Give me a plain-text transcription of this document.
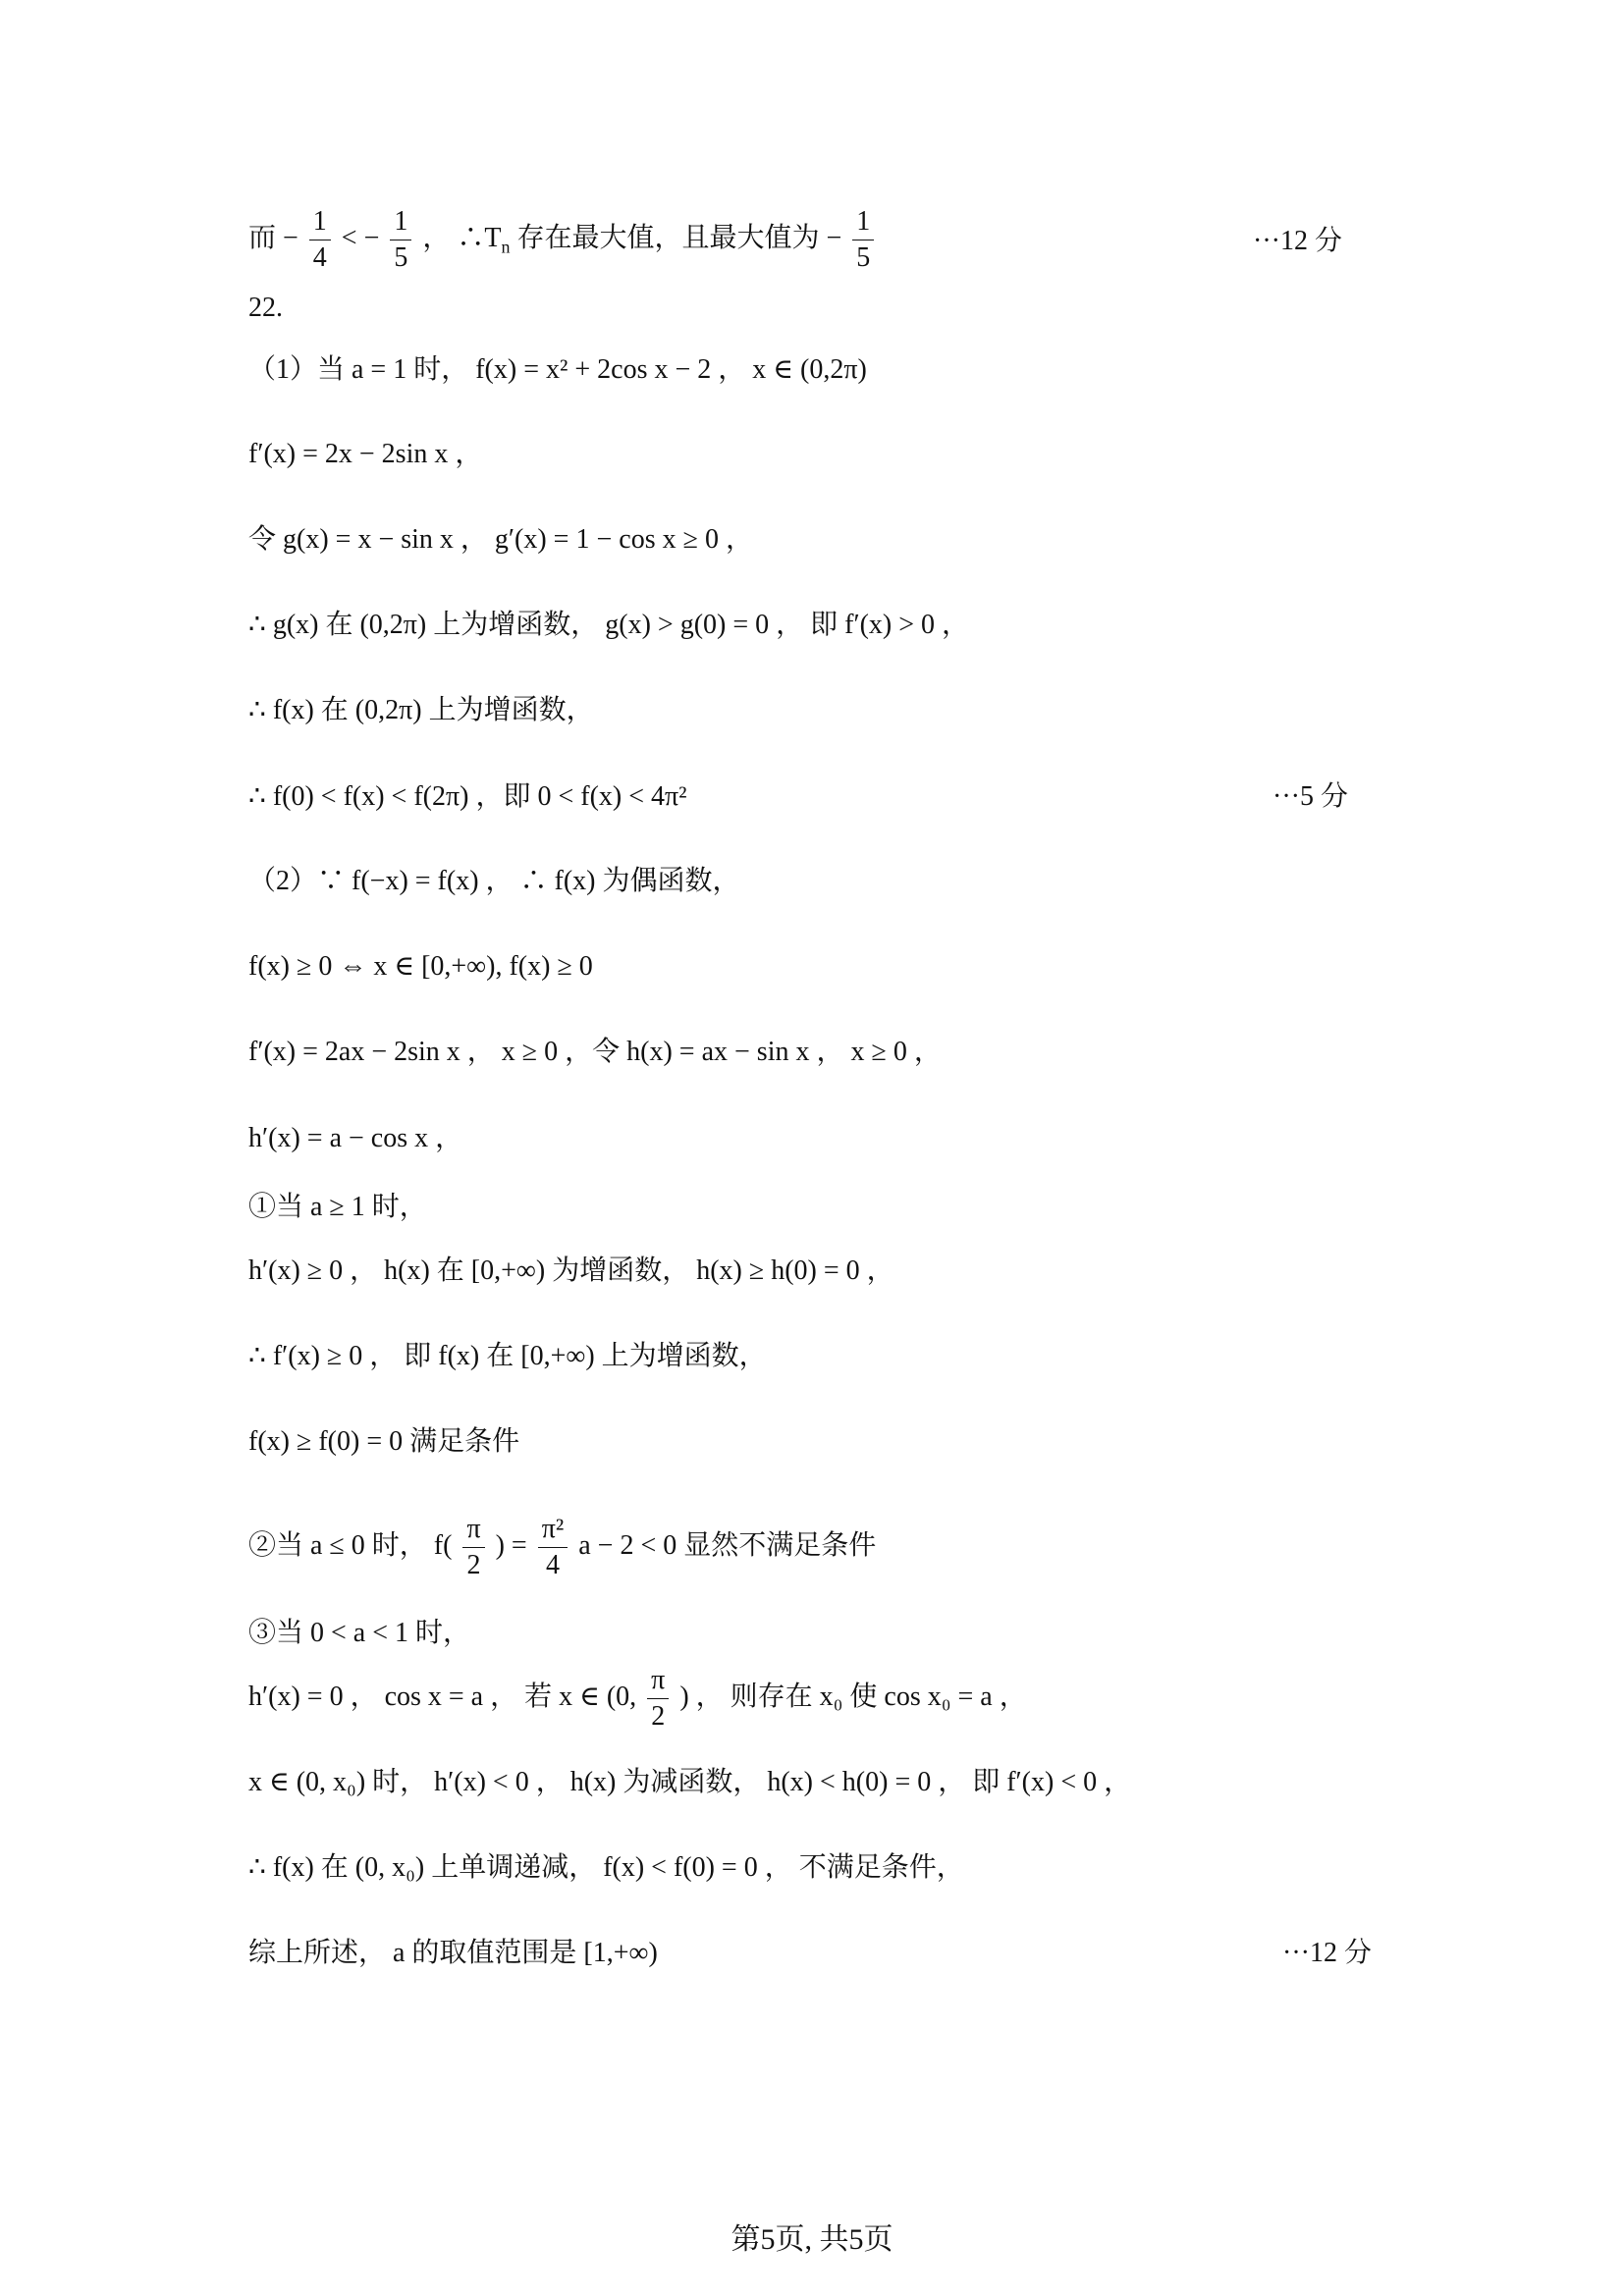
而 − $\frac{1}{4}$ < − $\frac{1}{5}$ ， $\therefore T_n$ 存在最大值，且最大值为 − $\frac{1}{5}$	···12 分
22.
（1）当 a = 1 时， f(x) = x² + 2cos x − 2 ， x ∈ (0,2π)
f′(x) = 2x − 2sin x ，
令 g(x) = x − sin x ， g′(x) = 1 − cos x ≥ 0 ，
∴ g(x) 在 (0,2π) 上为增函数， g(x) > g(0) = 0 ， 即 f′(x) > 0 ，
∴ f(x) 在 (0,2π) 上为增函数，
∴ f(0) < f(x) < f(2π) ，即 0 < f(x) < 4π²	···5 分
（2）∵ f(−x) = f(x) ， ∴ f(x) 为偶函数，
f(x) ≥ 0 ⇔ x ∈ [0,+∞), f(x) ≥ 0
f′(x) = 2ax − 2sin x ， x ≥ 0 ，令 h(x) = ax − sin x ， x ≥ 0 ，
h′(x) = a − cos x ，
①当 a ≥ 1 时，
h′(x) ≥ 0 ， h(x) 在 [0,+∞) 为增函数， h(x) ≥ h(0) = 0 ，
∴ f′(x) ≥ 0 ， 即 f(x) 在 [0,+∞) 上为增函数，
f(x) ≥ f(0) = 0 满足条件
②当 a ≤ 0 时， $f( \frac{\pi}{2}$ ) = $\frac{\text{π²}}{4}$ a − 2 < 0 显然不满足条件
③当 0 < a < 1 时，
h′(x) = 0 ， cos x = a ， 若 x ∈ (0, $\frac{\pi}{2}$ ) ， 则存在 x₀ 使 cos x₀ = a ，
x ∈ (0, x₀) 时， h′(x) < 0 ， h(x) 为减函数， h(x) < h(0) = 0 ， 即 f′(x) < 0 ，
∴ f(x) 在 (0, x₀) 上单调递减， f(x) < f(0) = 0 ， 不满足条件，
综上所述， a 的取值范围是 [1,+∞)	···12 分
第5页, 共5页
